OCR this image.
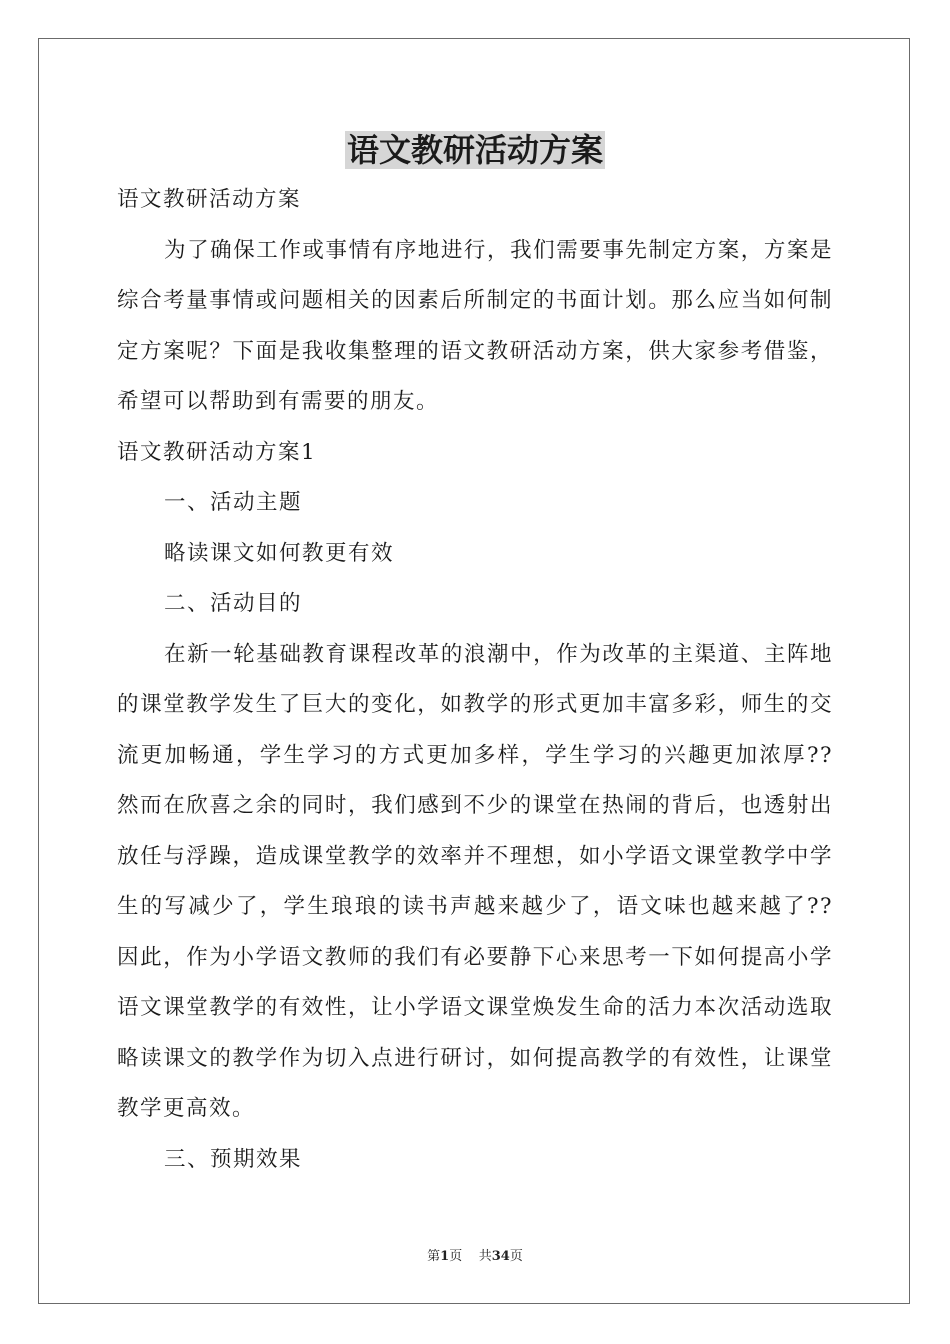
语文教研活动方案

语文教研活动方案

为了确保工作或事情有序地进行，我们需要事先制定方案，方案是综合考量事情或问题相关的因素后所制定的书面计划。那么应当如何制定方案呢？下面是我收集整理的语文教研活动方案，供大家参考借鉴，希望可以帮助到有需要的朋友。

语文教研活动方案1

一、活动主题

略读课文如何教更有效

二、活动目的

在新一轮基础教育课程改革的浪潮中，作为改革的主渠道、主阵地的课堂教学发生了巨大的变化，如教学的形式更加丰富多彩，师生的交流更加畅通，学生学习的方式更加多样，学生学习的兴趣更加浓厚??然而在欣喜之余的同时，我们感到不少的课堂在热闹的背后，也透射出放任与浮躁，造成课堂教学的效率并不理想，如小学语文课堂教学中学生的写减少了，学生琅琅的读书声越来越少了，语文味也越来越了??因此，作为小学语文教师的我们有必要静下心来思考一下如何提高小学语文课堂教学的有效性，让小学语文课堂焕发生命的活力本次活动选取略读课文的教学作为切入点进行研讨，如何提高教学的有效性，让课堂教学更高效。

三、预期效果

第1页 共34页
